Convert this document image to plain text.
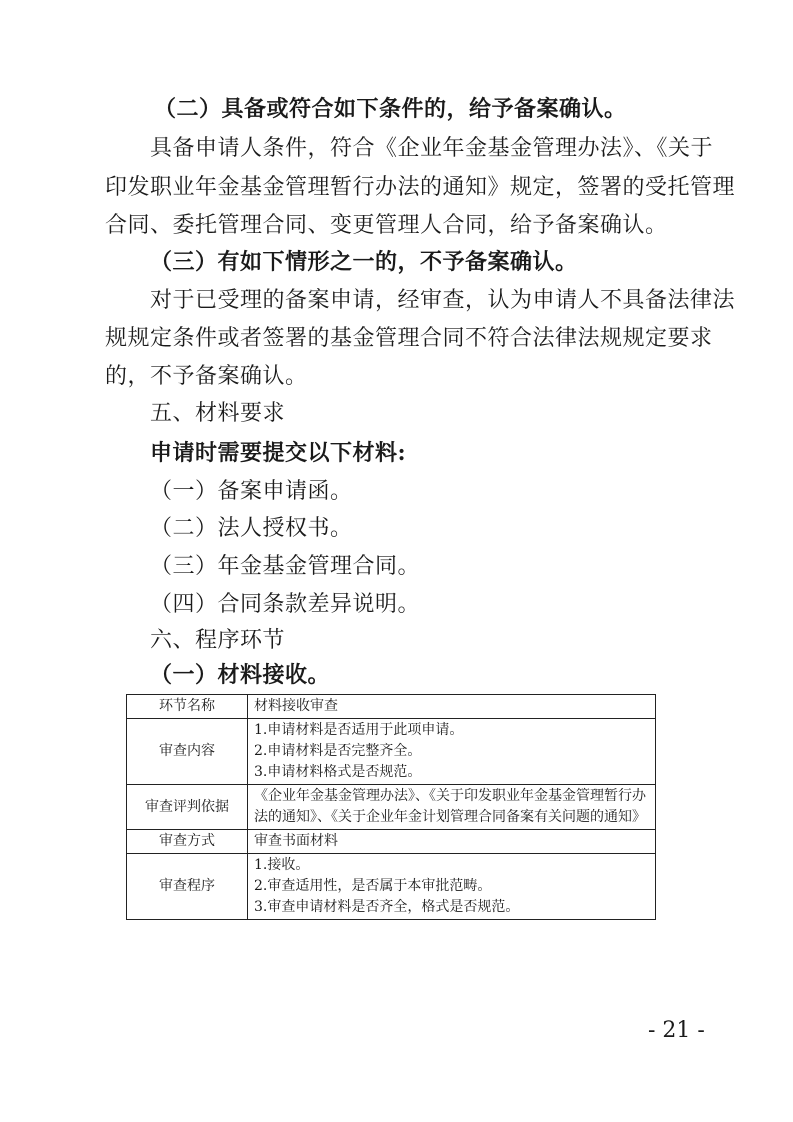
（二）具备或符合如下条件的，给予备案确认。
具备申请人条件，符合《企业年金基金管理办法》、《关于
印发职业年金基金管理暂行办法的通知》规定，签署的受托管理
合同、委托管理合同、变更管理人合同，给予备案确认。
（三）有如下情形之一的，不予备案确认。
对于已受理的备案申请，经审查，认为申请人不具备法律法
规规定条件或者签署的基金管理合同不符合法律法规规定要求
的，不予备案确认。
五、材料要求
申请时需要提交以下材料:
（一）备案申请函。
（二）法人授权书。
（三）年金基金管理合同。
（四）合同条款差异说明。
六、程序环节
（一）材料接收。
环节名称	材料接收审查
审查内容	1.申请材料是否适用于此项申请。
2.申请材料是否完整齐全。
3.申请材料格式是否规范。

审查评判依据	《企业年金基金管理办法》、《关于印发职业年金基金管理暂行办法的通知》、《关于企业年金计划管理合同备案有关问题的通知》
审查方式	审查书面材料
审查程序	1.接收。
2.审查适用性，是否属于本审批范畴。
3.审查申请材料是否齐全，格式是否规范。
- 21 -
